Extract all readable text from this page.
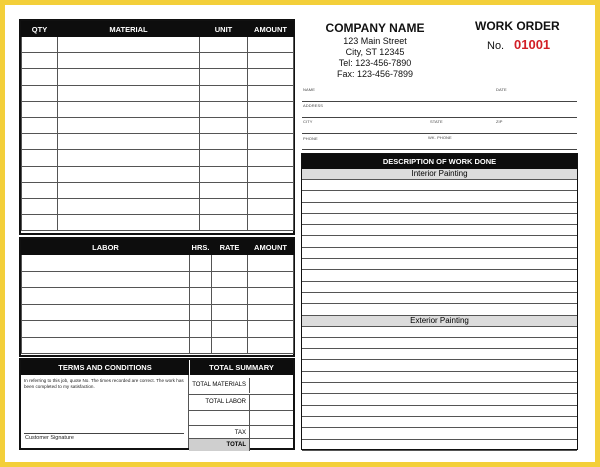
QTY	MATERIAL	UNIT	AMOUNT

LABOR	HRS.	RATE	AMOUNT

TERMS AND CONDITIONS	TOTAL SUMMARY
In referring to this job, quote No. The times recorded are correct. The work has been completed to my satisfaction.
Customer Signature
TOTAL MATERIALS
TOTAL LABOR
TAX
TOTAL
COMPANY NAME
123 Main Street
City, ST 12345
Tel: 123-456-7890
Fax: 123-456-7899
WORK ORDER
No. 01001
NAME	DATE
ADDRESS
CITY	STATE	ZIP
PHONE	WK. PHONE
DESCRIPTION OF WORK DONE
Interior Painting
Exterior Painting
